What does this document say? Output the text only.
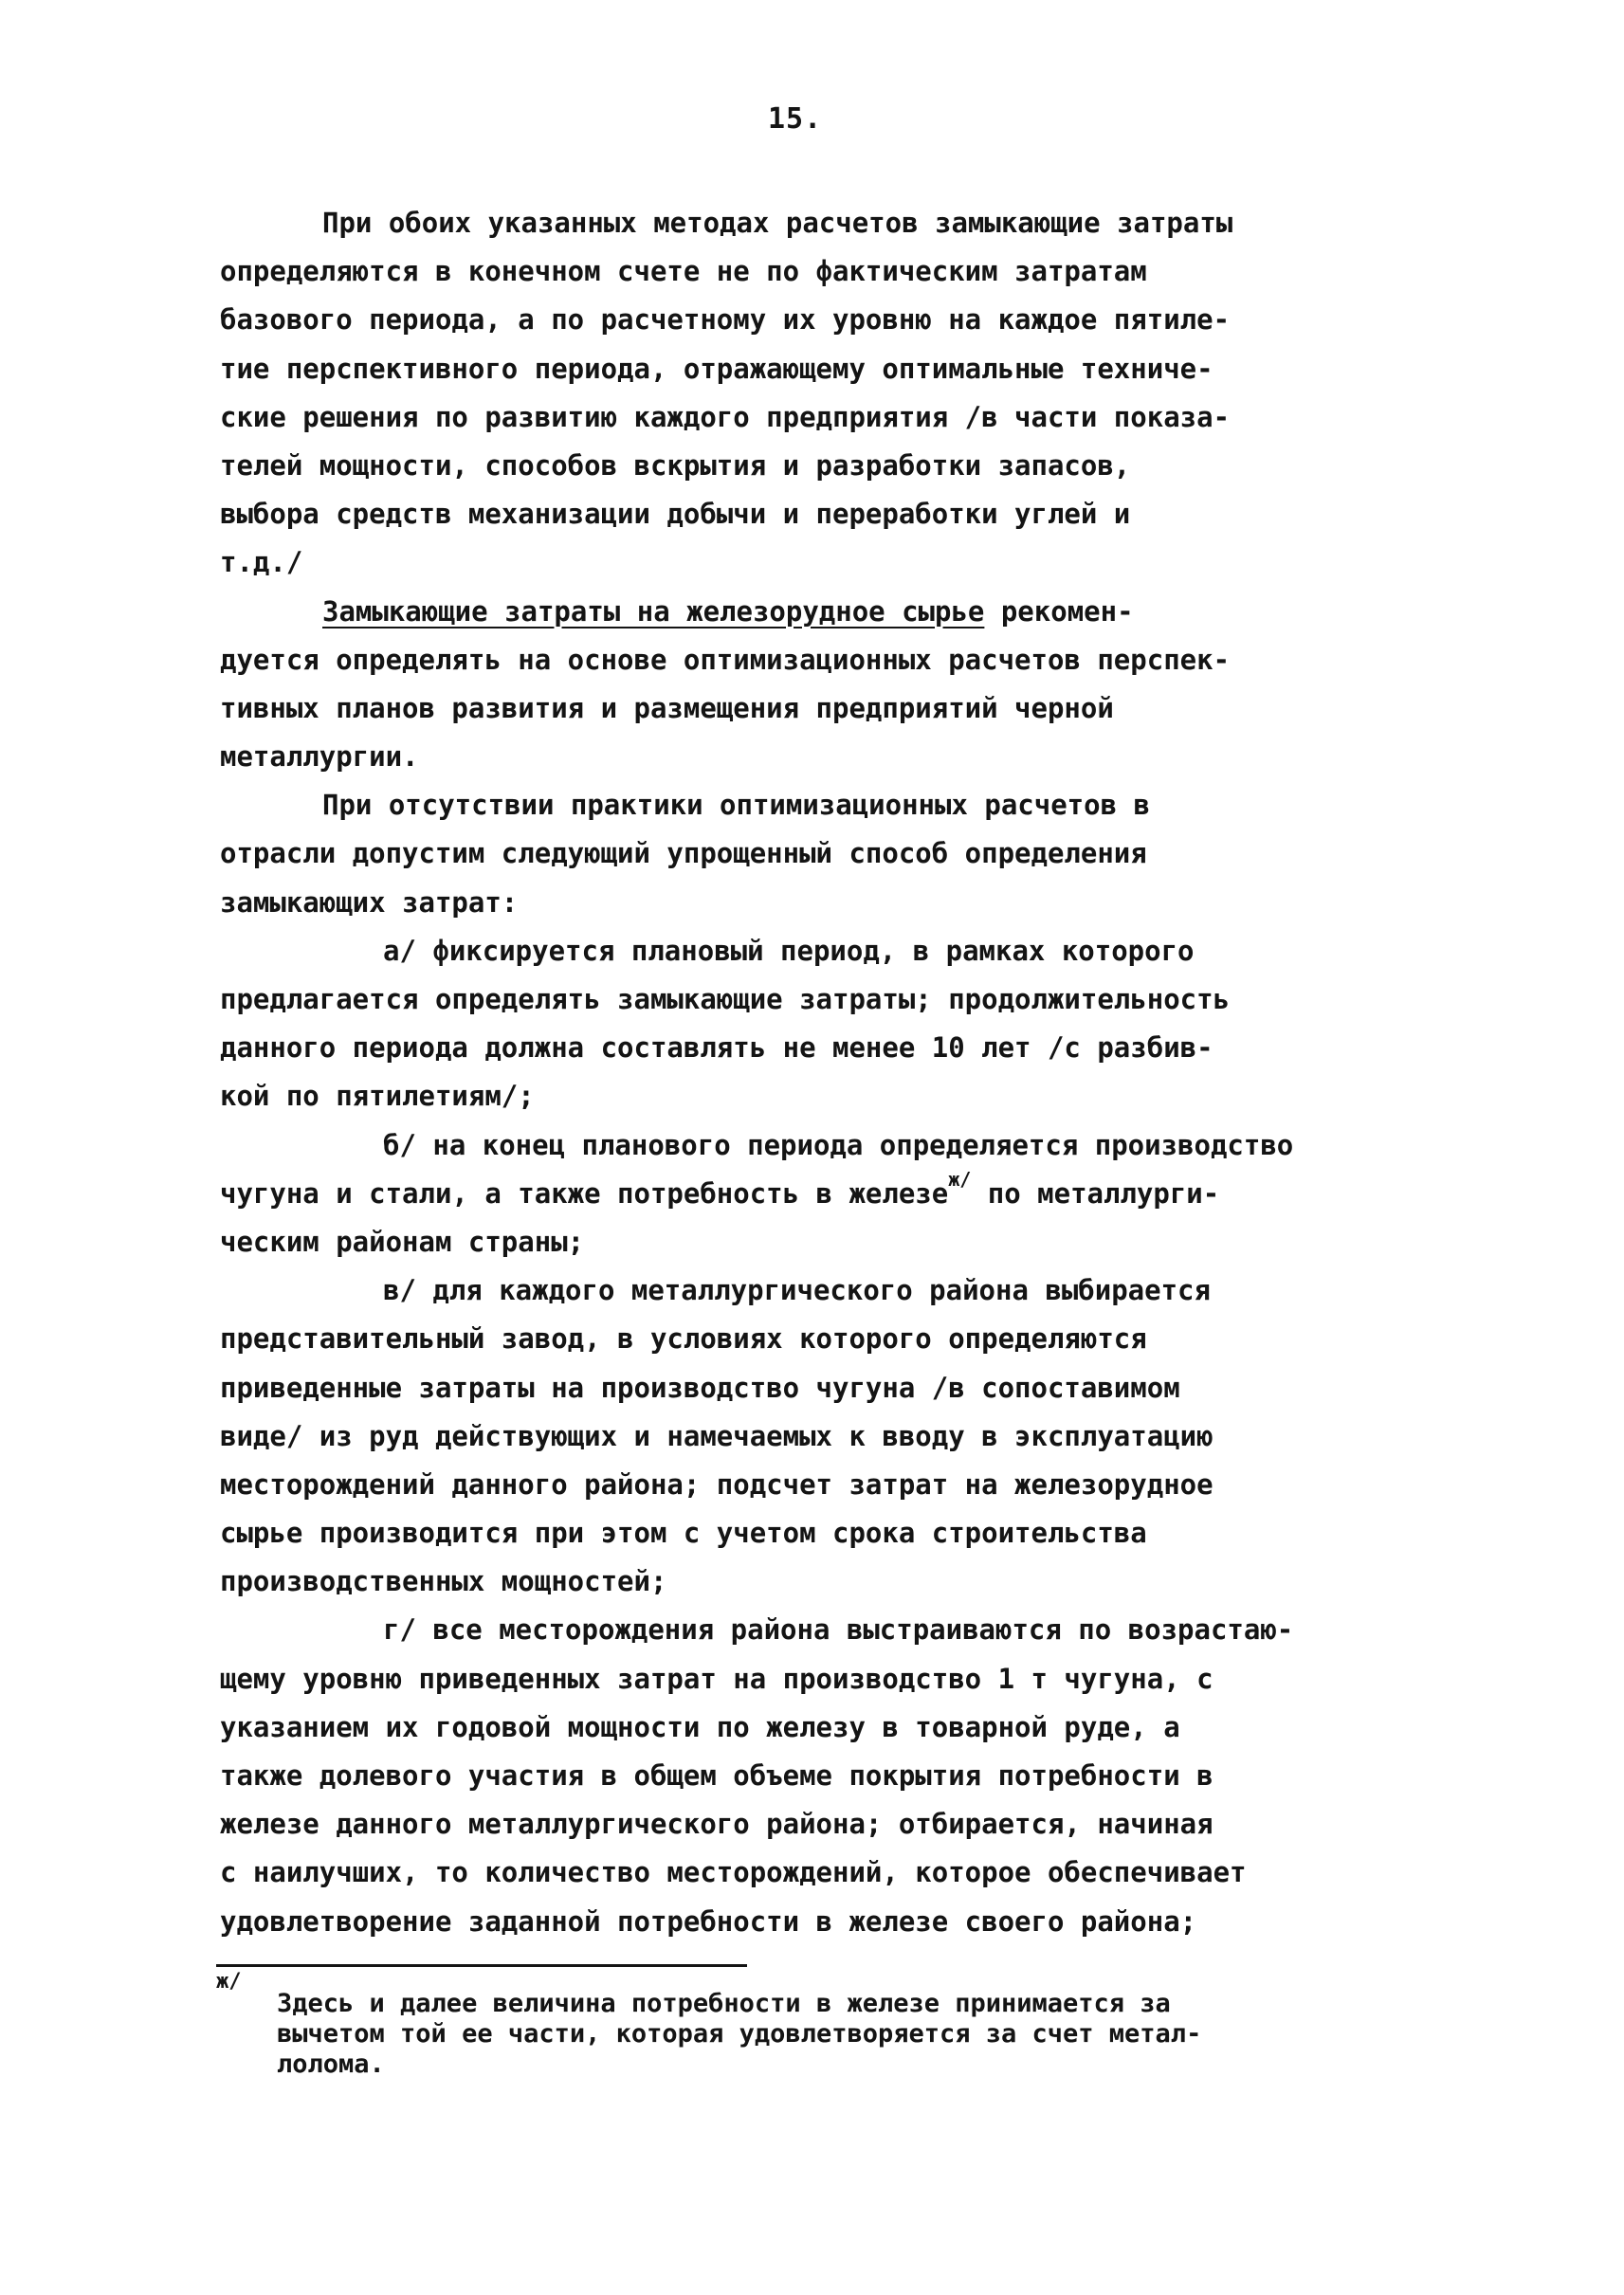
15.
При обоих указанных методах расчетов замыкающие затраты
определяются в конечном счете не по фактическим затратам
базового периода, а по расчетному их уровню на каждое пятиле-
тие перспективного периода, отражающему оптимальные техниче-
ские решения по развитию каждого предприятия /в части показа-
телей мощности, способов вскрытия и разработки запасов,
выбора средств механизации добычи и переработки углей и
т.д./
Замыкающие затраты на железорудное сырье рекомен-
дуется определять на основе оптимизационных расчетов перспек-
тивных планов развития и размещения предприятий черной
металлургии.
При отсутствии практики оптимизационных расчетов в
отрасли допустим следующий упрощенный способ определения
замыкающих затрат:
а/ фиксируется плановый период, в рамках которого
предлагается определять замыкающие затраты; продолжительность
данного периода должна составлять не менее 10 лет /с разбив-
кой по пятилетиям/;
б/ на конец планового периода определяется производство
чугуна и стали, а также потребность в железе$^{ж/}$ по металлурги-
ческим районам страны;
в/ для каждого металлургического района выбирается
представительный завод, в условиях которого определяются
приведенные затраты на производство чугуна /в сопоставимом
виде/ из руд действующих и намечаемых к вводу в эксплуатацию
месторождений данного района; подсчет затрат на железорудное
сырье производится при этом с учетом срока строительства
производственных мощностей;
г/ все месторождения района выстраиваются по возрастаю-
щему уровню приведенных затрат на производство 1 т чугуна, с
указанием их годовой мощности по железу в товарной руде, а
также долевого участия в общем объеме покрытия потребности в
железе данного металлургического района; отбирается, начиная
с наилучших, то количество месторождений, которое обеспечивает
удовлетворение заданной потребности в железе своего района;
ж/
Здесь и далее величина потребности в железе принимается за
вычетом той ее части, которая удовлетворяется за счет метал-
лолома.
